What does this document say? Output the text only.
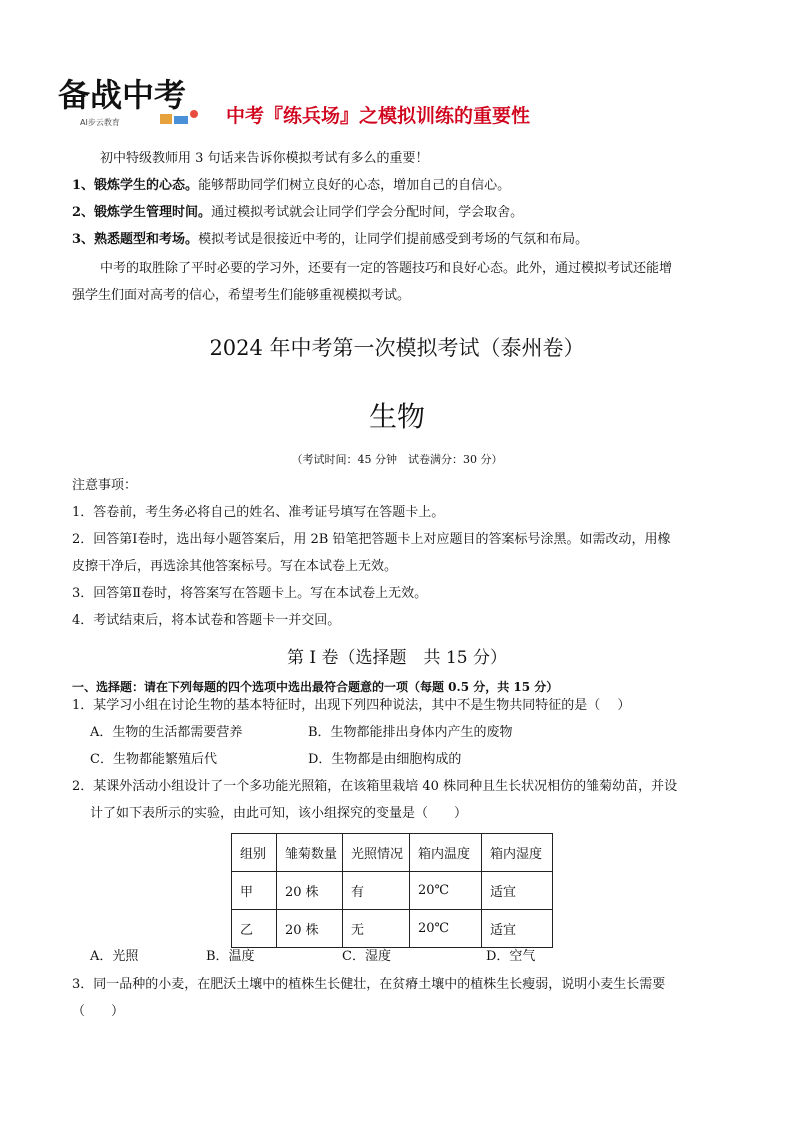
备战中考
AI步云教育	中考『练兵场』之模拟训练的重要性
初中特级教师用 3 句话来告诉你模拟考试有多么的重要！
1、锻炼学生的心态。能够帮助同学们树立良好的心态，增加自己的自信心。
2、锻炼学生管理时间。通过模拟考试就会让同学们学会分配时间，学会取舍。
3、熟悉题型和考场。模拟考试是很接近中考的，让同学们提前感受到考场的气氛和布局。
中考的取胜除了平时必要的学习外，还要有一定的答题技巧和良好心态。此外，通过模拟考试还能增
强学生们面对高考的信心，希望考生们能够重视模拟考试。
2024 年中考第一次模拟考试（泰州卷）
生物
（考试时间：45 分钟　试卷满分：30 分）
注意事项：
1．答卷前，考生务必将自己的姓名、准考证号填写在答题卡上。
2．回答第Ⅰ卷时，选出每小题答案后，用 2B 铅笔把答题卡上对应题目的答案标号涂黑。如需改动，用橡
皮擦干净后，再选涂其他答案标号。写在本试卷上无效。
3．回答第Ⅱ卷时，将答案写在答题卡上。写在本试卷上无效。
4．考试结束后，将本试卷和答题卡一并交回。
第 I 卷（选择题　共 15 分）
一、选择题：请在下列每题的四个选项中选出最符合题意的一项（每题 0.5 分，共 15 分）
1．某学习小组在讨论生物的基本特征时，出现下列四种说法，其中不是生物共同特征的是（　 ）
A．生物的生活都需要营养	B．生物都能排出身体内产生的废物
C．生物都能繁殖后代	D．生物都是由细胞构成的
2．某课外活动小组设计了一个多功能光照箱，在该箱里栽培 40 株同种且生长状况相仿的雏菊幼苗，并设
计了如下表所示的实验，由此可知，该小组探究的变量是（　　）
组别	雏菊数量	光照情况	箱内温度	箱内湿度
甲	20 株	有	20℃	适宜
乙	20 株	无	20℃	适宜
A．光照	B．温度	C．湿度	D．空气
3．同一品种的小麦，在肥沃土壤中的植株生长健壮，在贫瘠土壤中的植株生长瘦弱，说明小麦生长需要
（　　）
